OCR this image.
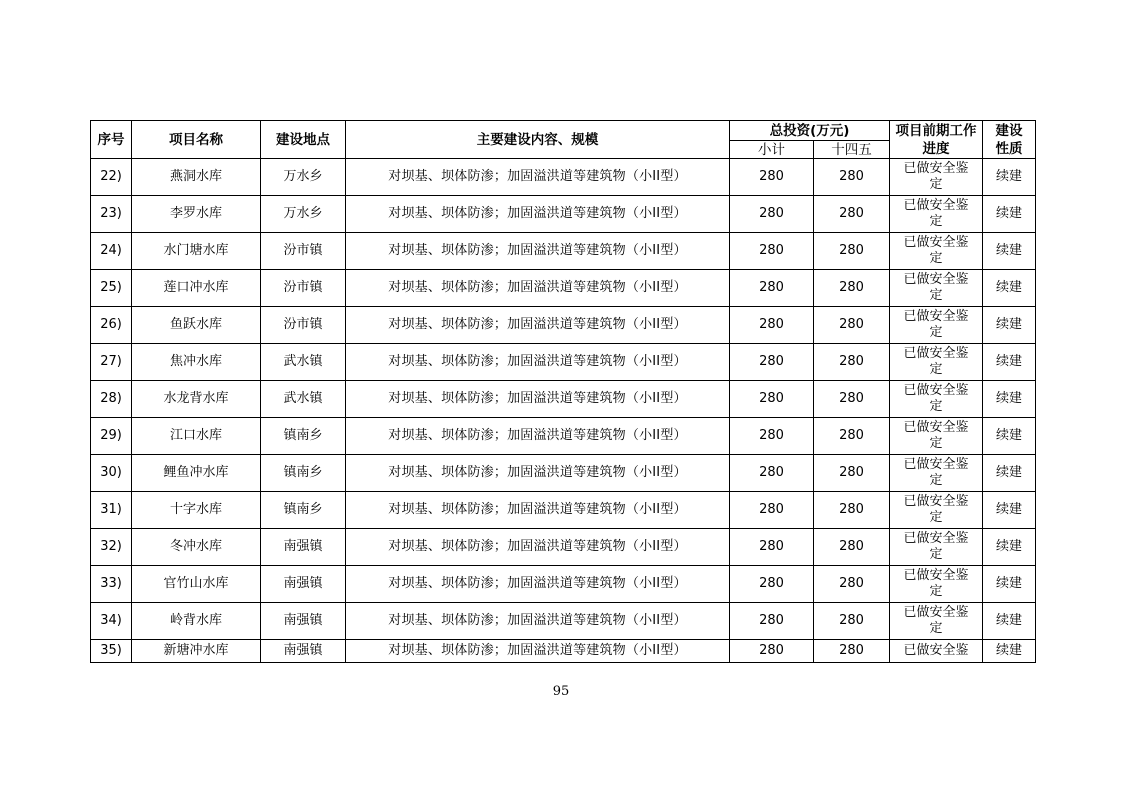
序号	项目名称	建设地点	主要建设内容、规模	总投资(万元)		项目前期工作进度	建设性质
				小计	十四五		
22)	燕洞水库	万水乡	对坝基、坝体防渗；加固溢洪道等建筑物（小II型）	280	280	已做安全鉴定	续建
23)	李罗水库	万水乡	对坝基、坝体防渗；加固溢洪道等建筑物（小II型）	280	280	已做安全鉴定	续建
24)	水门塘水库	汾市镇	对坝基、坝体防渗；加固溢洪道等建筑物（小II型）	280	280	已做安全鉴定	续建
25)	莲口冲水库	汾市镇	对坝基、坝体防渗；加固溢洪道等建筑物（小II型）	280	280	已做安全鉴定	续建
26)	鱼跃水库	汾市镇	对坝基、坝体防渗；加固溢洪道等建筑物（小II型）	280	280	已做安全鉴定	续建
27)	焦冲水库	武水镇	对坝基、坝体防渗；加固溢洪道等建筑物（小II型）	280	280	已做安全鉴定	续建
28)	水龙背水库	武水镇	对坝基、坝体防渗；加固溢洪道等建筑物（小II型）	280	280	已做安全鉴定	续建
29)	江口水库	镇南乡	对坝基、坝体防渗；加固溢洪道等建筑物（小II型）	280	280	已做安全鉴定	续建
30)	鲤鱼冲水库	镇南乡	对坝基、坝体防渗；加固溢洪道等建筑物（小II型）	280	280	已做安全鉴定	续建
31)	十字水库	镇南乡	对坝基、坝体防渗；加固溢洪道等建筑物（小II型）	280	280	已做安全鉴定	续建
32)	冬冲水库	南强镇	对坝基、坝体防渗；加固溢洪道等建筑物（小II型）	280	280	已做安全鉴定	续建
33)	官竹山水库	南强镇	对坝基、坝体防渗；加固溢洪道等建筑物（小II型）	280	280	已做安全鉴定	续建
34)	岭背水库	南强镇	对坝基、坝体防渗；加固溢洪道等建筑物（小II型）	280	280	已做安全鉴定	续建
35)	新塘冲水库	南强镇	对坝基、坝体防渗；加固溢洪道等建筑物（小II型）	280	280	已做安全鉴	续建
95
